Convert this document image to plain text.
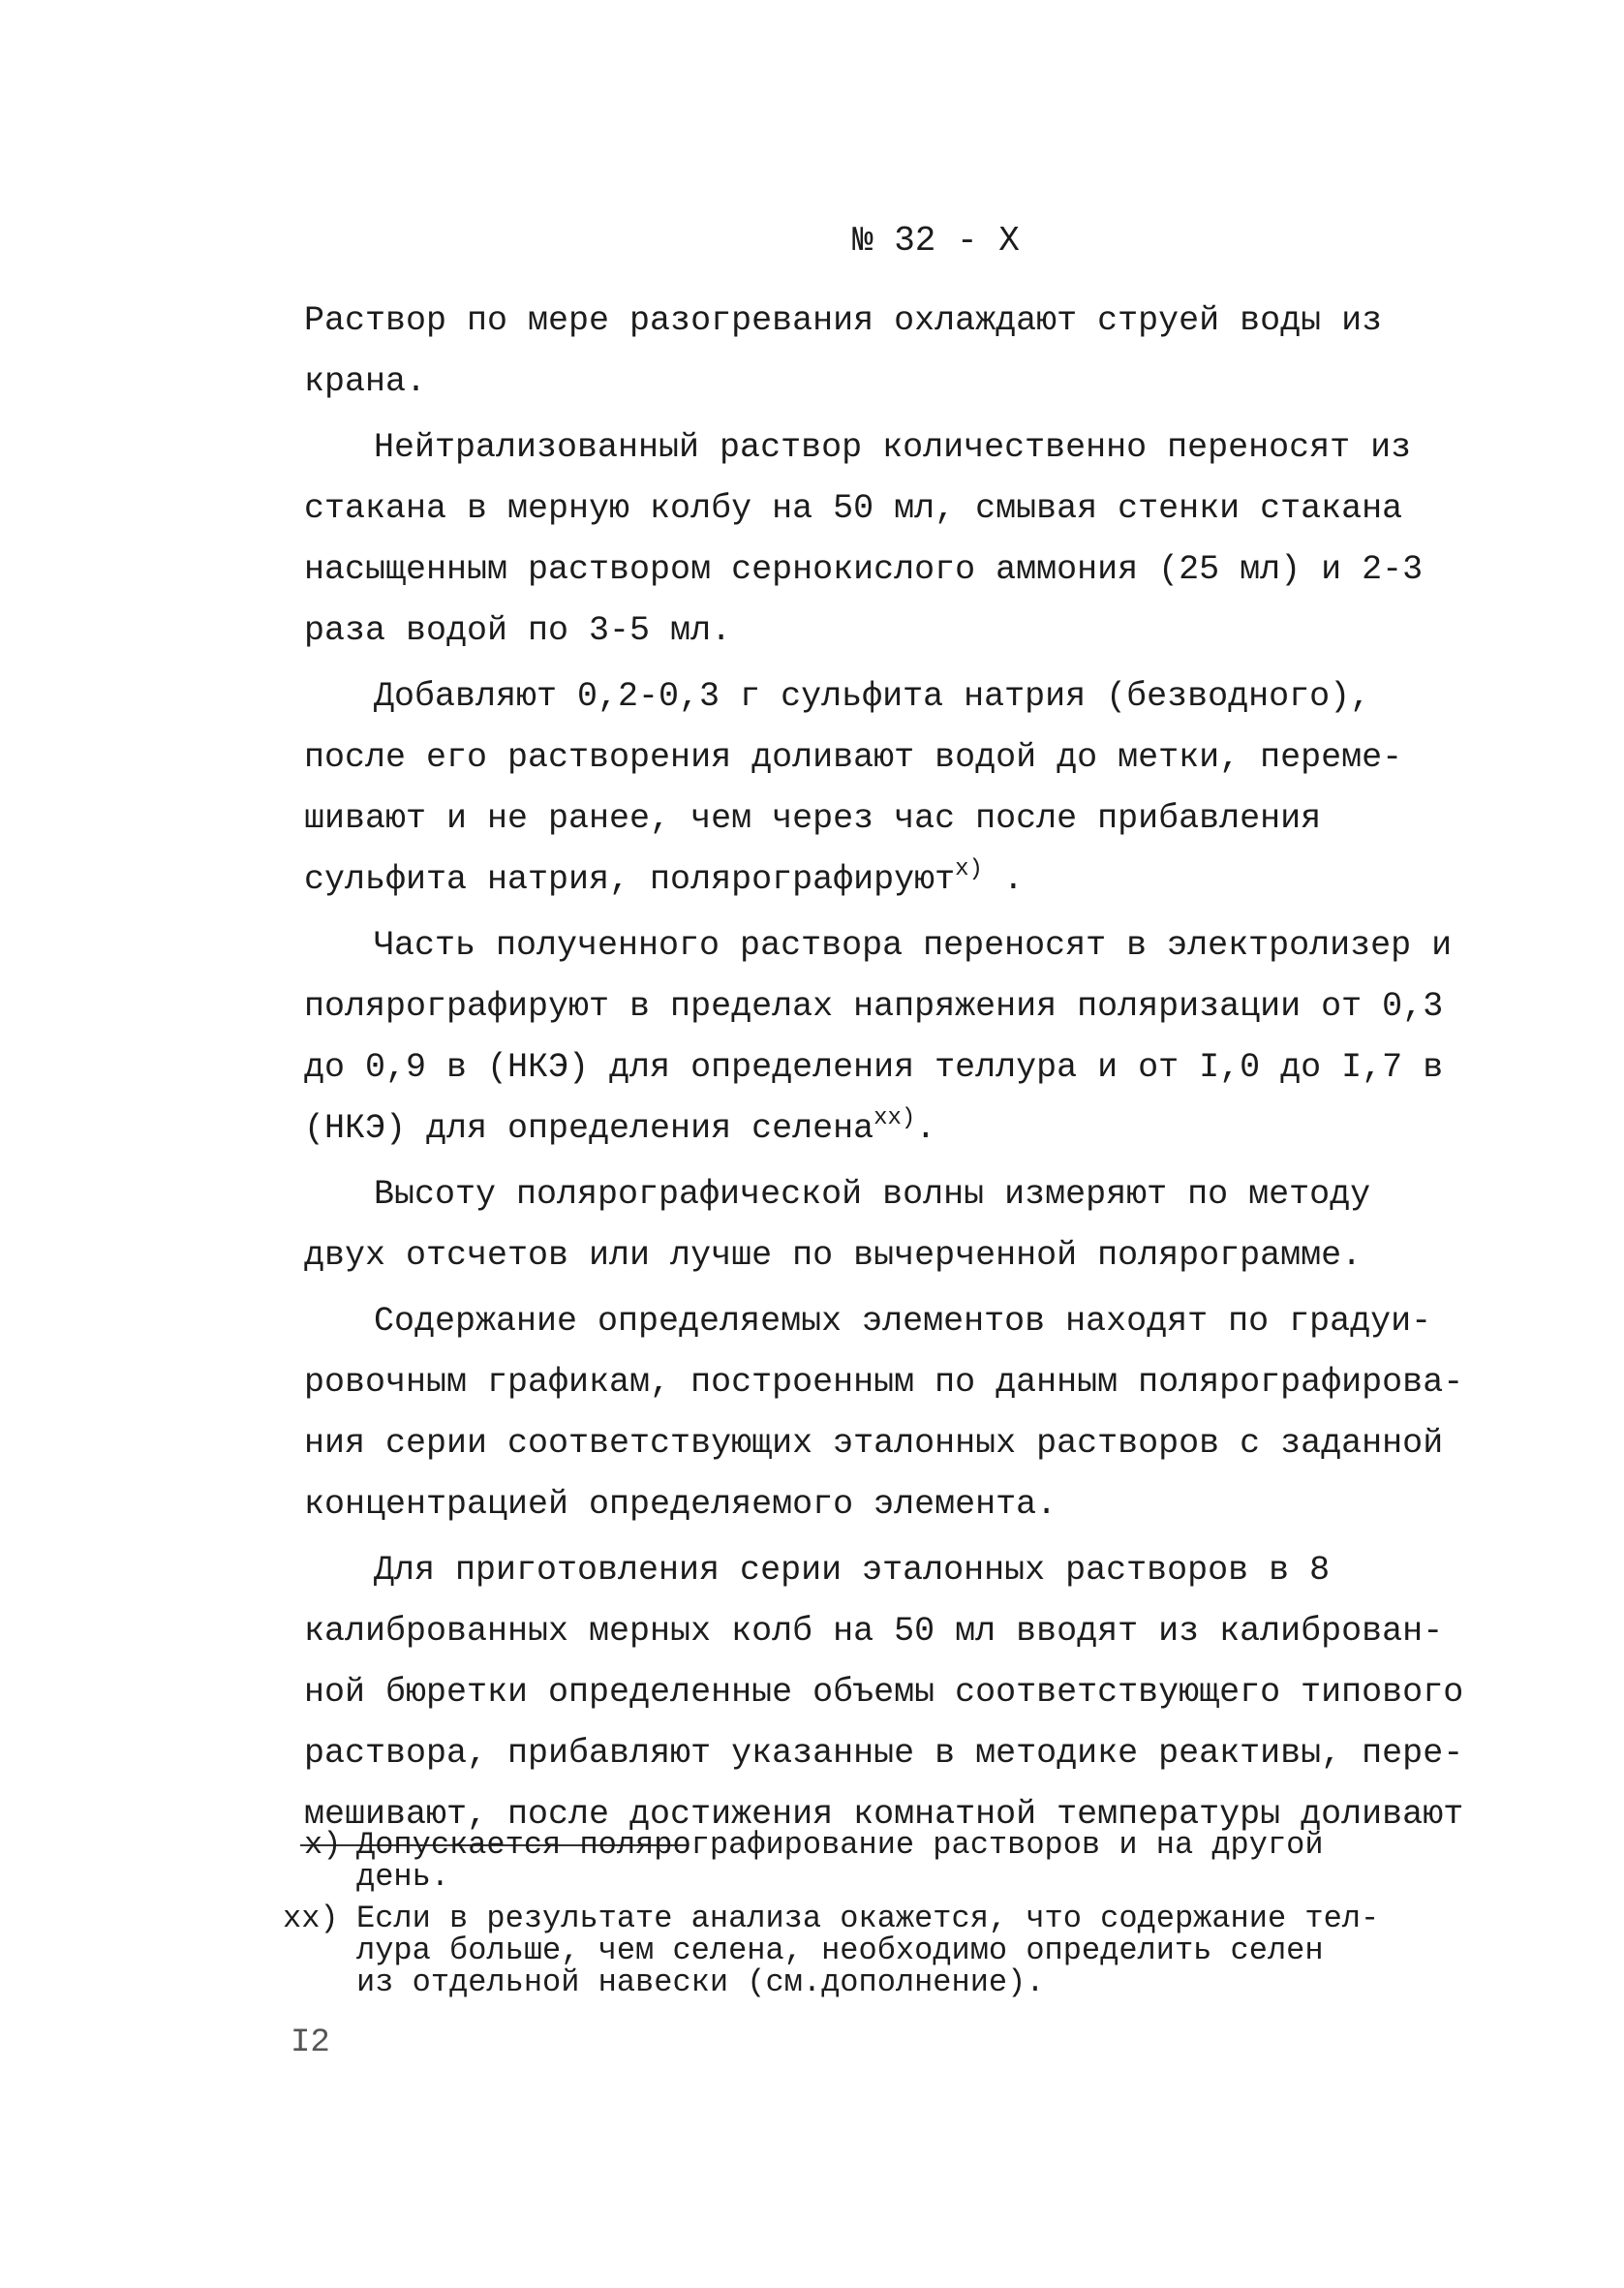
№ 32 - X

Раствор по мере разогревания охлаждают струей воды из
крана.

Нейтрализованный раствор количественно переносят из
стакана в мерную колбу на 50 мл, смывая стенки стакана
насыщенным раствором сернокислого аммония (25 мл) и 2-3
раза водой по 3-5 мл.

Добавляют 0,2-0,3 г сульфита натрия (безводного),
после его растворения доливают водой до метки, переме-
шивают и не ранее, чем через час после прибавления
сульфита натрия, полярографируют$^{x)}$ .

Часть полученного раствора переносят в электролизер и
полярографируют в пределах напряжения поляризации от 0,3
до 0,9 в (НКЭ) для определения теллура и от I,0 до I,7 в
(НКЭ) для определения селена$^{xx)}$.

Высоту полярографической волны измеряют по методу
двух отсчетов или лучше по вычерченной полярограмме.

Содержание определяемых элементов находят по градуи-
ровочным графикам, построенным по данным полярографирова-
ния серии соответствующих эталонных растворов с заданной
концентрацией определяемого элемента.

Для приготовления серии эталонных растворов в 8
калиброванных мерных колб на 50 мл вводят из калиброван-
ной бюретки определенные объемы соответствующего типового
раствора, прибавляют указанные в методике реактивы, пере-
мешивают, после достижения комнатной температуры доливают

x) Допускается полярографирование растворов и на другой
день.
xx) Если в результате анализа окажется, что содержание тел-
лура больше, чем селена, необходимо определить селен
из отдельной навески (см.дополнение).
I2
